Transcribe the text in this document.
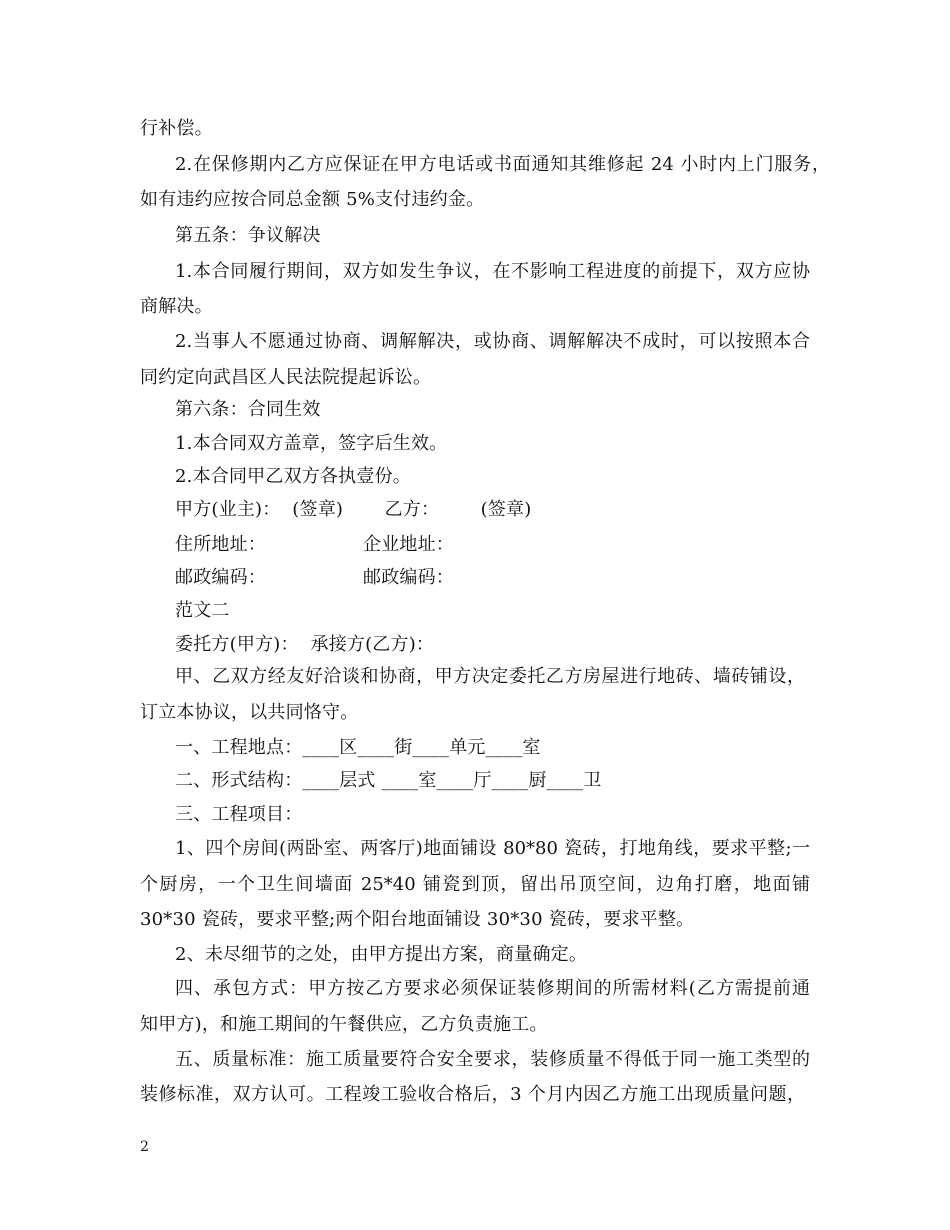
行补偿。
2.在保修期内乙方应保证在甲方电话或书面通知其维修起 24 小时内上门服务，
如有违约应按合同总金额 5%支付违约金。
第五条：争议解决
1.本合同履行期间，双方如发生争议，在不影响工程进度的前提下，双方应协
商解决。
2.当事人不愿通过协商、调解解决，或协商、调解解决不成时，可以按照本合
同约定向武昌区人民法院提起诉讼。
第六条：合同生效
1.本合同双方盖章，签字后生效。
2.本合同甲乙双方各执壹份。
甲方(业主)：  (签章)       乙方：       (签章)
住所地址：	企业地址：
邮政编码：	邮政编码：
范文二
委托方(甲方)：  承接方(乙方)：
甲、乙双方经友好洽谈和协商，甲方决定委托乙方房屋进行地砖、墙砖铺设，
订立本协议，以共同恪守。
一、工程地点：____区____街____单元____室
二、形式结构：____层式 ____室____厅____厨____卫
三、工程项目：
1、四个房间(两卧室、两客厅)地面铺设 80*80 瓷砖，打地角线，要求平整;一
个厨房，一个卫生间墙面 25*40 铺瓷到顶，留出吊顶空间，边角打磨，地面铺
30*30 瓷砖，要求平整;两个阳台地面铺设 30*30 瓷砖，要求平整。
2、未尽细节的之处，由甲方提出方案，商量确定。
四、承包方式：甲方按乙方要求必须保证装修期间的所需材料(乙方需提前通
知甲方)，和施工期间的午餐供应，乙方负责施工。
五、质量标准：施工质量要符合安全要求，装修质量不得低于同一施工类型的
装修标准，双方认可。工程竣工验收合格后，3 个月内因乙方施工出现质量问题，
2
